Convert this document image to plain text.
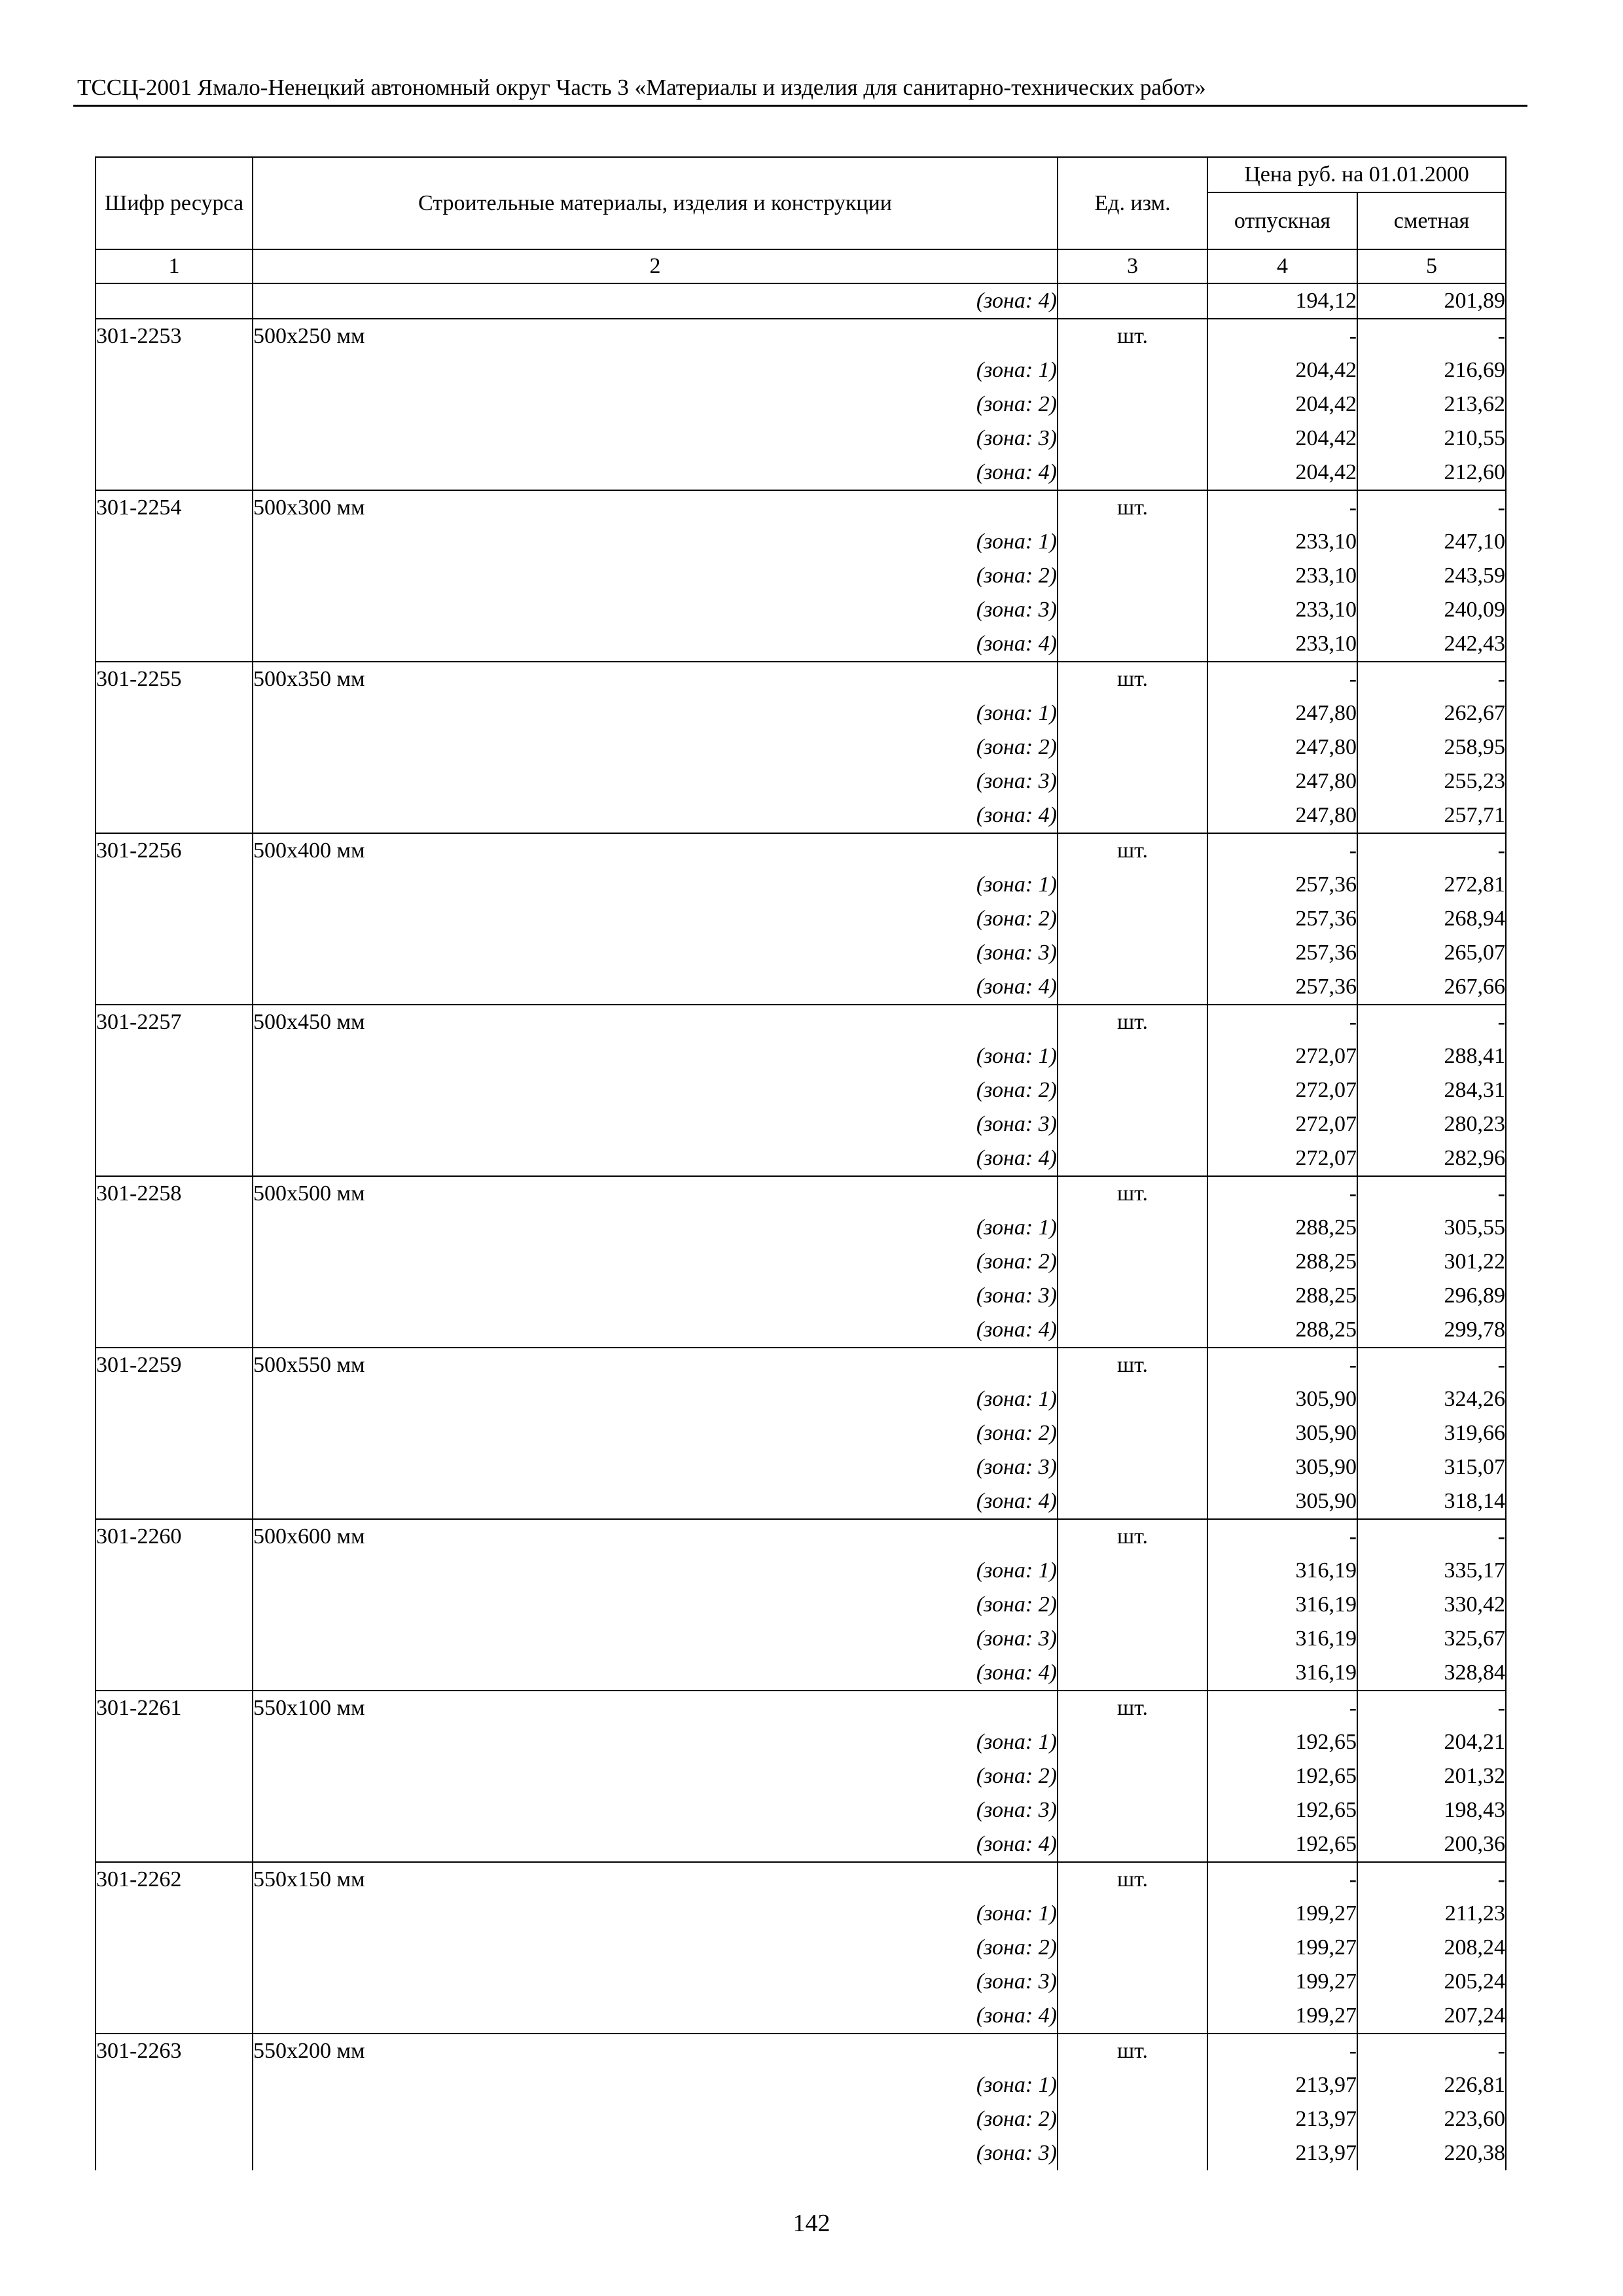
ТССЦ-2001 Ямало-Ненецкий автономный округ Часть 3 «Материалы и изделия для санитарно-технических работ»
Шифр ресурса	Строительные материалы, изделия и конструкции	Ед. изм.	Цена руб. на 01.01.2000	
			отпускная	сметная
1	2	3	4	5
	(зона: 4)		194,12	201,89
301-2253	500x250 мм	шт.	-	-
	(зона: 1)		204,42	216,69
	(зона: 2)		204,42	213,62
	(зона: 3)		204,42	210,55
	(зона: 4)		204,42	212,60
301-2254	500x300 мм	шт.	-	-
	(зона: 1)		233,10	247,10
	(зона: 2)		233,10	243,59
	(зона: 3)		233,10	240,09
	(зона: 4)		233,10	242,43
301-2255	500x350 мм	шт.	-	-
	(зона: 1)		247,80	262,67
	(зона: 2)		247,80	258,95
	(зона: 3)		247,80	255,23
	(зона: 4)		247,80	257,71
301-2256	500x400 мм	шт.	-	-
	(зона: 1)		257,36	272,81
	(зона: 2)		257,36	268,94
	(зона: 3)		257,36	265,07
	(зона: 4)		257,36	267,66
301-2257	500x450 мм	шт.	-	-
	(зона: 1)		272,07	288,41
	(зона: 2)		272,07	284,31
	(зона: 3)		272,07	280,23
	(зона: 4)		272,07	282,96
301-2258	500x500 мм	шт.	-	-
	(зона: 1)		288,25	305,55
	(зона: 2)		288,25	301,22
	(зона: 3)		288,25	296,89
	(зона: 4)		288,25	299,78
301-2259	500x550 мм	шт.	-	-
	(зона: 1)		305,90	324,26
	(зона: 2)		305,90	319,66
	(зона: 3)		305,90	315,07
	(зона: 4)		305,90	318,14
301-2260	500x600 мм	шт.	-	-
	(зона: 1)		316,19	335,17
	(зона: 2)		316,19	330,42
	(зона: 3)		316,19	325,67
	(зона: 4)		316,19	328,84
301-2261	550x100 мм	шт.	-	-
	(зона: 1)		192,65	204,21
	(зона: 2)		192,65	201,32
	(зона: 3)		192,65	198,43
	(зона: 4)		192,65	200,36
301-2262	550x150 мм	шт.	-	-
	(зона: 1)		199,27	211,23
	(зона: 2)		199,27	208,24
	(зона: 3)		199,27	205,24
	(зона: 4)		199,27	207,24
301-2263	550x200 мм	шт.	-	-
	(зона: 1)		213,97	226,81
	(зона: 2)		213,97	223,60
	(зона: 3)		213,97	220,38
142
